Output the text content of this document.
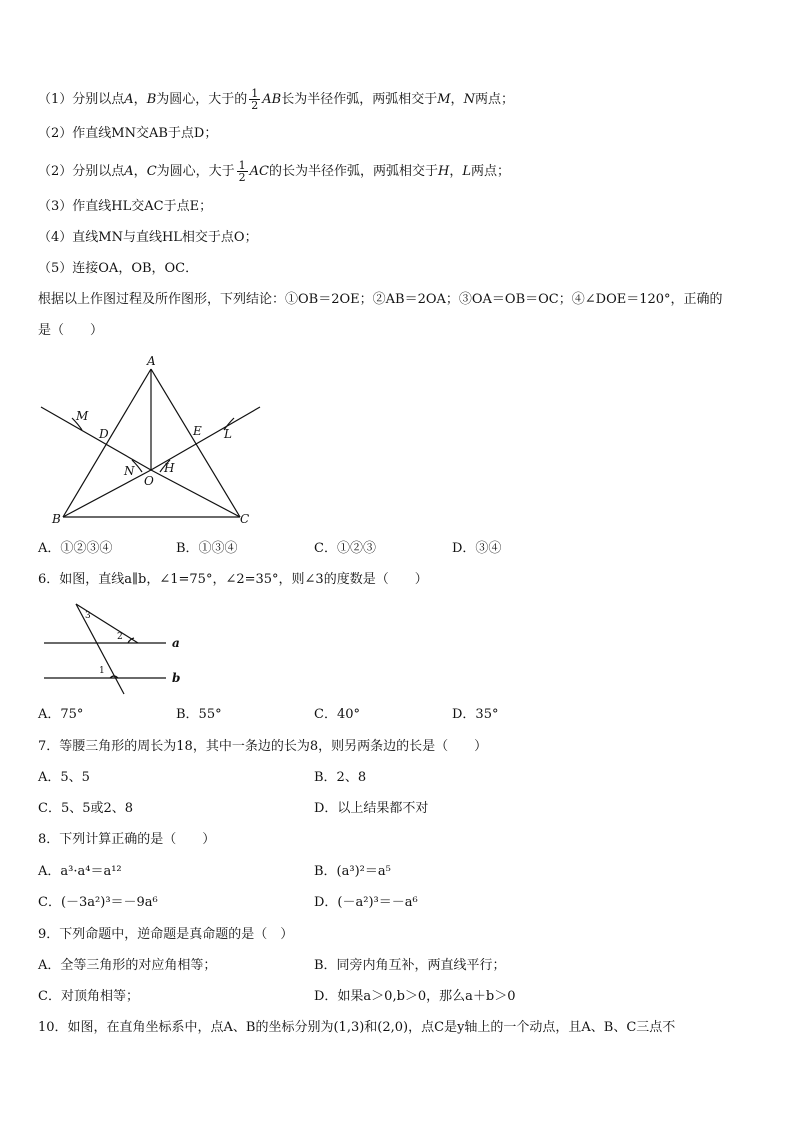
（1）分别以点A，B为圆心，大于的 $\frac{1}{2}$ AB长为半径作弧，两弧相交于M，N两点；
（2）作直线MN交AB于点D；
（2）分别以点A，C为圆心，大于 $\frac{1}{2}$ AC的长为半径作弧，两弧相交于H，L两点；
（3）作直线HL交AC于点E；
（4）直线MN与直线HL相交于点O；
（5）连接OA，OB，OC．
根据以上作图过程及所作图形，下列结论：①OB＝2OE；②AB＝2OA；③OA＝OB＝OC；④∠DOE＝120°，正确的
是（　　）
A
B	C
D	E
M
N H
L
O
A．①②③④	B．①③④	C．①②③	D．③④
6．如图，直线a∥b，∠1=75°，∠2=35°，则∠3的度数是（　　）
3
2
1
a
b
A．75°	B．55°	C．40°	D．35°
7．等腰三角形的周长为18，其中一条边的长为8，则另两条边的长是（　　）
A．5、5	B．2、8
C．5、5或2、8	D．以上结果都不对
8．下列计算正确的是（　　）
A．a³·a⁴＝a¹²	B．(a³)²＝a⁵
C．(－3a²)³＝－9a⁶	D．(－a²)³＝－a⁶
9．下列命题中，逆命题是真命题的是（　）
A．全等三角形的对应角相等；	B．同旁内角互补，两直线平行；
C．对顶角相等；	D．如果a＞0,b＞0，那么a＋b＞0
10．如图，在直角坐标系中，点A、B的坐标分别为(1,3)和(2,0)，点C是y轴上的一个动点，且A、B、C三点不
